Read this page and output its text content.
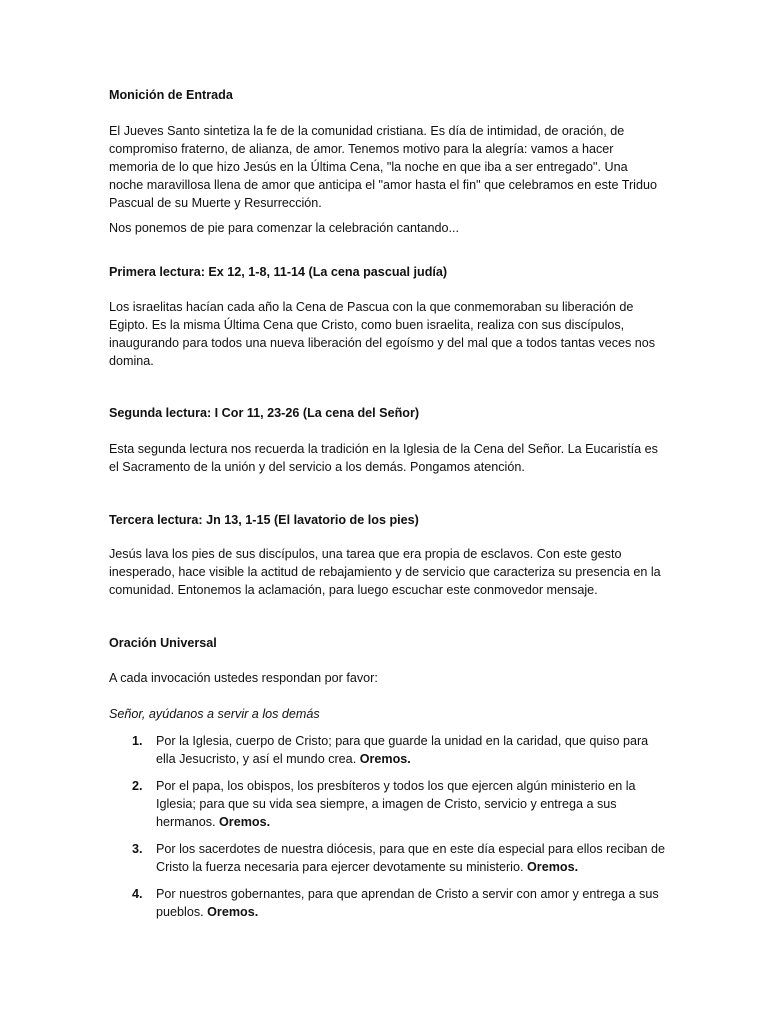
Monición de Entrada

El Jueves Santo sintetiza la fe de la comunidad cristiana. Es día de intimidad, de oración, de compromiso fraterno, de alianza, de amor. Tenemos motivo para la alegría: vamos a hacer memoria de lo que hizo Jesús en la Última Cena, "la noche en que iba a ser entregado". Una noche maravillosa llena de amor que anticipa el "amor hasta el fin" que celebramos en este Triduo Pascual de su Muerte y Resurrección.

Nos ponemos de pie para comenzar la celebración cantando...

Primera lectura: Ex 12, 1-8, 11-14 (La cena pascual judía)

Los israelitas hacían cada año la Cena de Pascua con la que conmemoraban su liberación de Egipto. Es la misma Última Cena que Cristo, como buen israelita, realiza con sus discípulos, inaugurando para todos una nueva liberación del egoísmo y del mal que a todos tantas veces nos domina.

Segunda lectura: I Cor 11, 23-26 (La cena del Señor)

Esta segunda lectura nos recuerda la tradición en la Iglesia de la Cena del Señor. La Eucaristía es el Sacramento de la unión y del servicio a los demás. Pongamos atención.

Tercera lectura: Jn 13, 1-15 (El lavatorio de los pies)

Jesús lava los pies de sus discípulos, una tarea que era propia de esclavos. Con este gesto inesperado, hace visible la actitud de rebajamiento y de servicio que caracteriza su presencia en la comunidad. Entonemos la aclamación, para luego escuchar este conmovedor mensaje.

Oración Universal

A cada invocación ustedes respondan por favor:

Señor, ayúdanos a servir a los demás

1. Por la Iglesia, cuerpo de Cristo; para que guarde la unidad en la caridad, que quiso para ella Jesucristo, y así el mundo crea. Oremos.
2. Por el papa, los obispos, los presbíteros y todos los que ejercen algún ministerio en la Iglesia; para que su vida sea siempre, a imagen de Cristo, servicio y entrega a sus hermanos. Oremos.
3. Por los sacerdotes de nuestra diócesis, para que en este día especial para ellos reciban de Cristo la fuerza necesaria para ejercer devotamente su ministerio. Oremos.
4. Por nuestros gobernantes, para que aprendan de Cristo a servir con amor y entrega a sus pueblos. Oremos.
